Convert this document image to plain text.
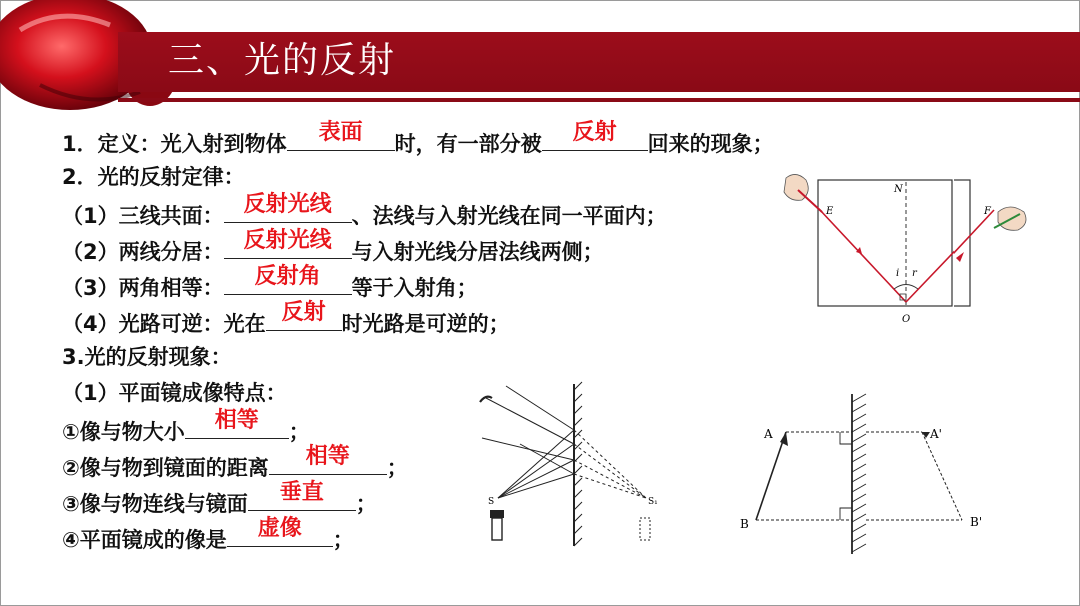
三、光的反射
1．定义：光入射到物体	表面	时，有一部分被	反射	回来的现象；
2．光的反射定律：
（1）三线共面： 反射光线 、法线与入射光线在同一平面内；
（2）两线分居： 反射光线 与入射光线分居法线两侧；
（3）两角相等：	反射角	等于入射角；
（4）光路可逆：光在 反射 时光路是可逆的；
3.光的反射现象：
（1）平面镜成像特点：
①像与物大小	相等	；
②像与物到镜面的距离	相等	；
③像与物连线与镜面	垂直	；
④平面镜成的像是	虚像	；
N
E
i r
O
F
S	S₁
A	A'
B	B'
